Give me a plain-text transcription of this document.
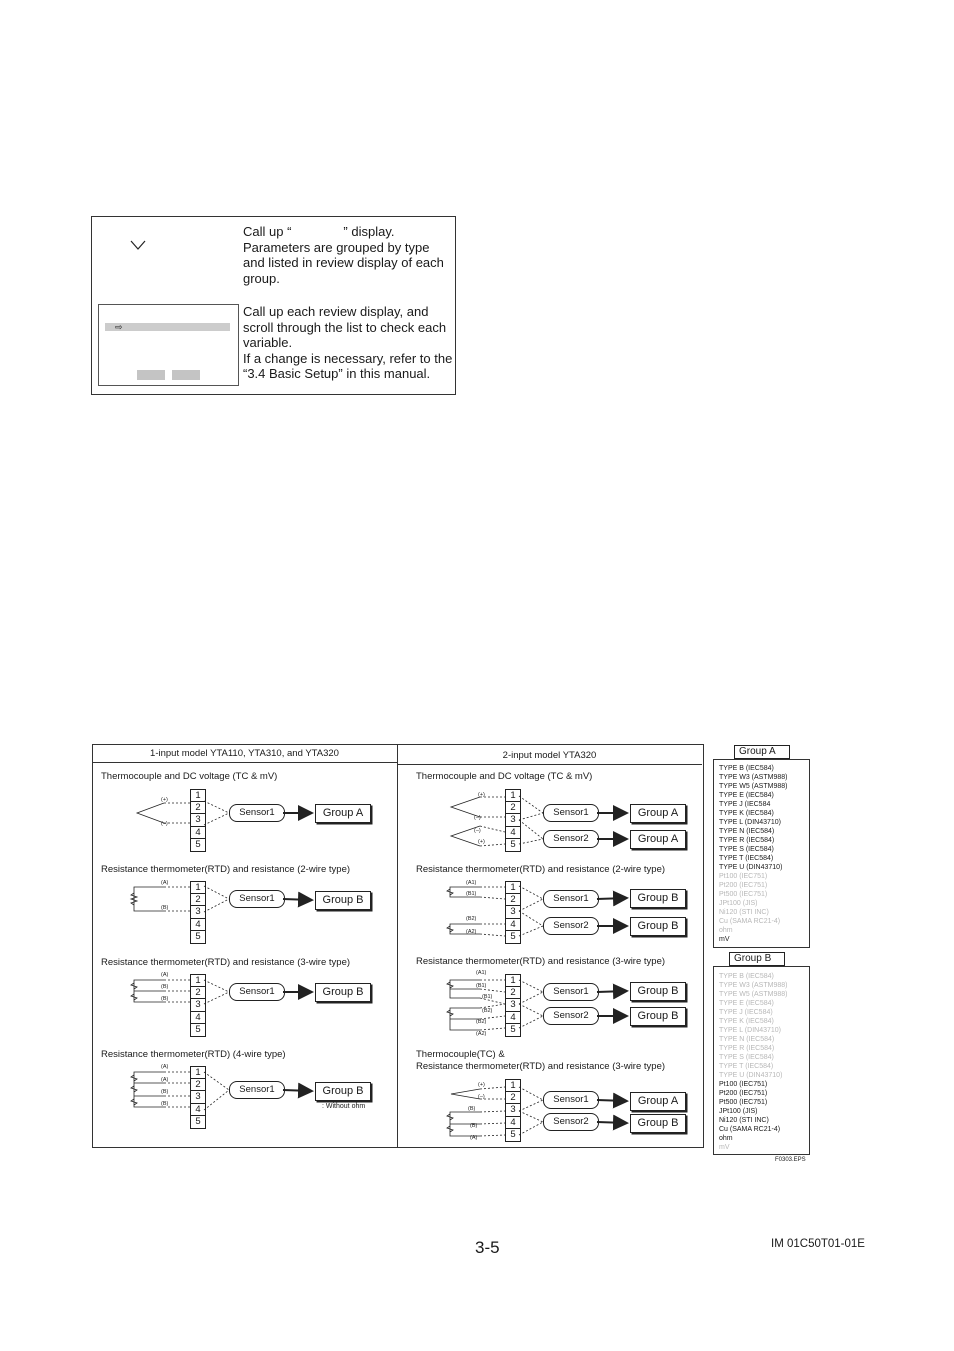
⇨
Call up “	” display.
Parameters are grouped by type
and listed in review display of each
group.
Call up each review display, and
scroll through the list to check each
variable.
If a change is necessary, refer to the
“3.4 Basic Setup” in this manual.
1-input model YTA110, YTA310, and YTA320	2-input model YTA320
Thermocouple and DC voltage (TC & mV)
Resistance thermometer(RTD) and resistance (2-wire type)
Resistance thermometer(RTD) and resistance (3-wire type)
Resistance thermometer(RTD) (4-wire type)
Thermocouple and DC voltage (TC & mV)
Resistance thermometer(RTD) and resistance (2-wire type)
Resistance thermometer(RTD) and resistance (3-wire type)
Thermocouple(TC) &
Resistance thermometer(RTD) and resistance (3-wire type)
1
2
3
4
5
1
2
3
4
5
1
2
3
4
5
1
2
3
4
5
Sensor1
Sensor1
Sensor1
Sensor1
Group A
Group B
Group B
Group B
: Without ohm
(+)
(–)
(A)
(B)
(A)
(B)
(B)
(A)
(A)
(B)
(B)
1
2
3
4
5
1
2
3
4
5
1
2
3
4
5
1
2
3
4
5
Sensor1
Sensor2
Sensor1
Sensor2
Sensor1
Sensor2
Sensor1
Sensor2
Group A
Group A
Group B
Group B
Group B
Group B
Group A
Group B
(+)
(–)
(–)
(+)
(A1)
(B1)
(B2)
(A2)
(A1)
(B1)
(B1)
(B2)
(B2)
(A2)
(+)
(–)
(B)
(B)
(A)
Group A
TYPE B (IEC584)
TYPE W3 (ASTM988)
TYPE W5 (ASTM988)
TYPE E (IEC584)
TYPE J (IEC584
TYPE K (IEC584)
TYPE L (DIN43710)
TYPE N (IEC584)
TYPE R (IEC584)
TYPE S (IEC584)
TYPE T (IEC584)
TYPE U (DIN43710)
Pt100 (IEC751)
Pt200 (IEC751)
Pt500 (IEC751)
JPt100 (JIS)
Ni120 (STI INC)
Cu (SAMA RC21-4)
ohm
mV
Group B
TYPE B (IEC584)
TYPE W3 (ASTM988)
TYPE W5 (ASTM988)
TYPE E (IEC584)
TYPE J (IEC584)
TYPE K (IEC584)
TYPE L (DIN43710)
TYPE N (IEC584)
TYPE R (IEC584)
TYPE S (IEC584)
TYPE T (IEC584)
TYPE U (DIN43710)
Pt100 (IEC751)
Pt200 (IEC751)
Pt500 (IEC751)
JPt100 (JIS)
Ni120 (STI INC)
Cu (SAMA RC21-4)
ohm
mV
F0303.EPS
3-5	IM 01C50T01-01E
